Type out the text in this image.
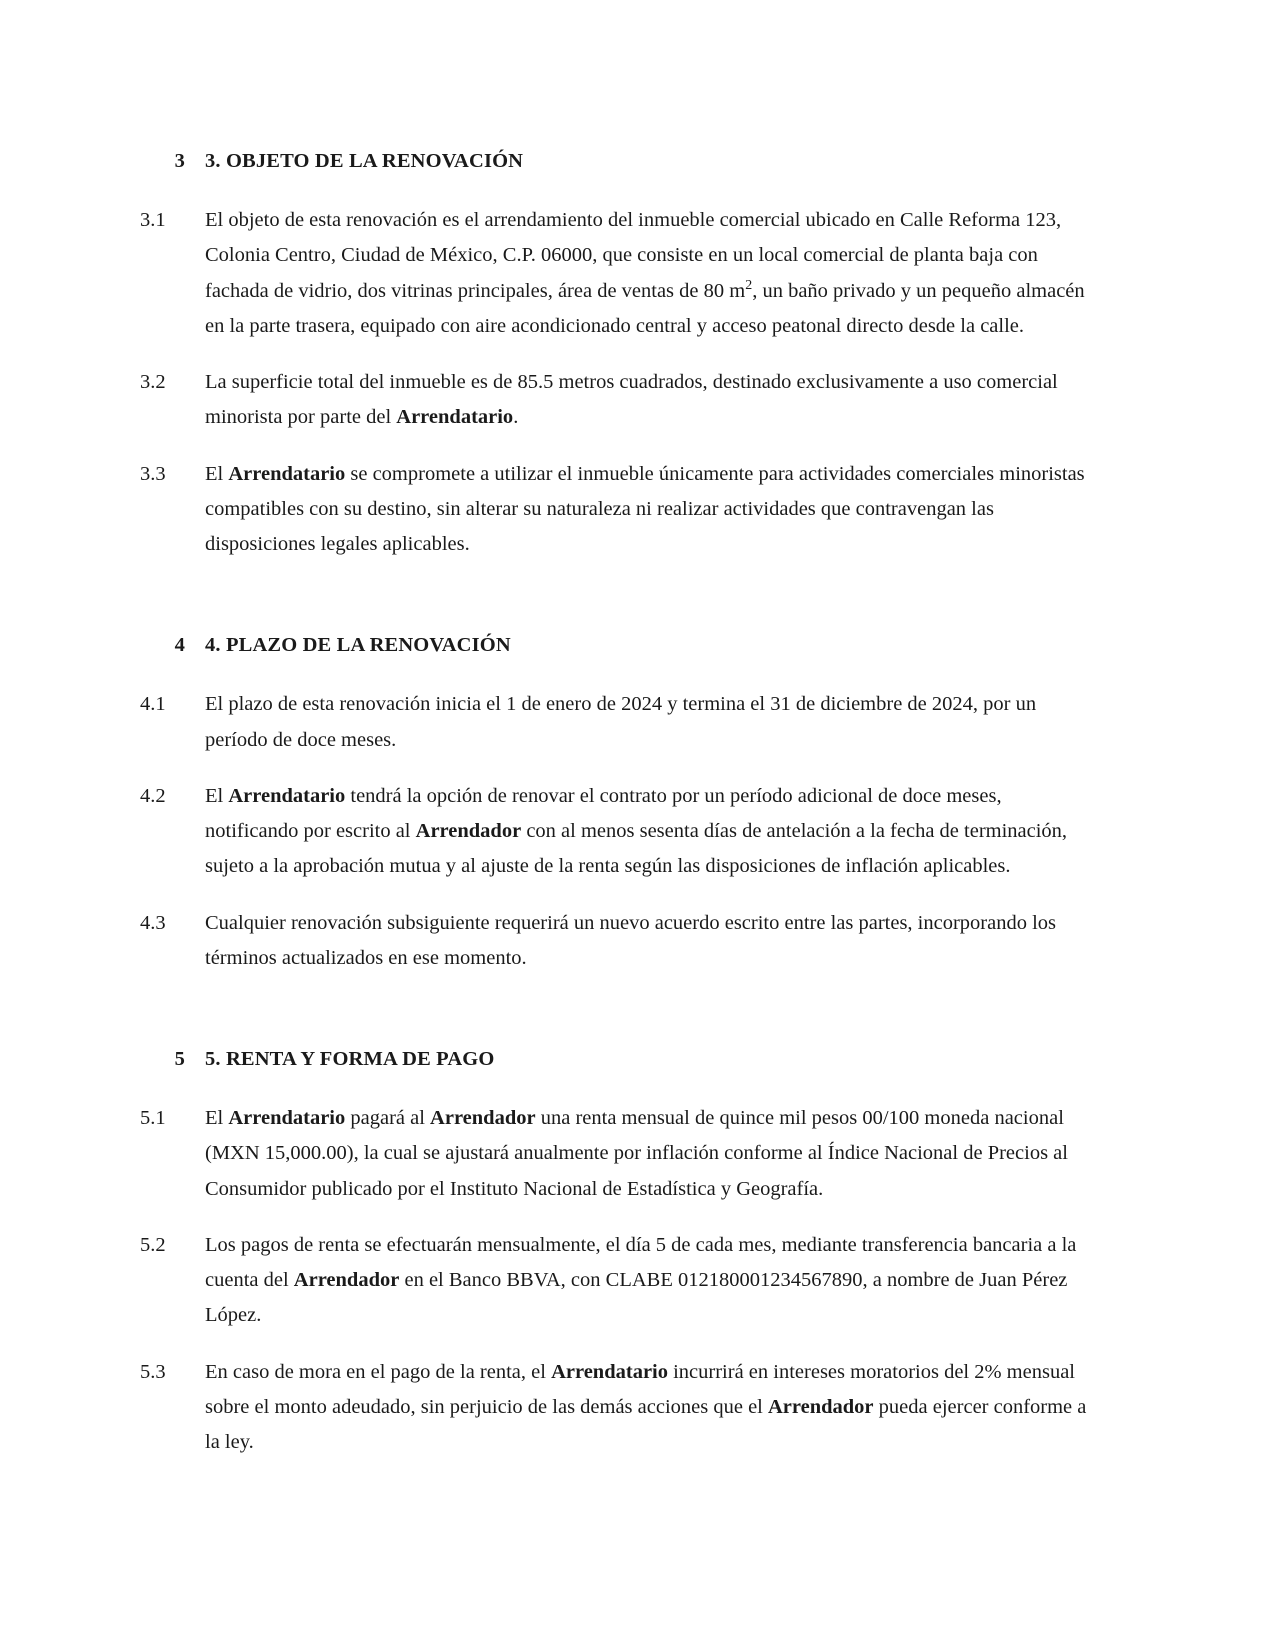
3 3. OBJETO DE LA RENOVACIÓN
3.1	El objeto de esta renovación es el arrendamiento del inmueble comercial ubicado en Calle Reforma 123, Colonia Centro, Ciudad de México, C.P. 06000, que consiste en un local comercial de planta baja con fachada de vidrio, dos vitrinas principales, área de ventas de 80 $m^2$, un baño privado y un pequeño almacén en la parte trasera, equipado con aire acondicionado central y acceso peatonal directo desde la calle.
3.2	La superficie total del inmueble es de 85.5 metros cuadrados, destinado exclusivamente a uso comercial minorista por parte del Arrendatario.
3.3	El Arrendatario se compromete a utilizar el inmueble únicamente para actividades comerciales minoristas compatibles con su destino, sin alterar su naturaleza ni realizar actividades que contravengan las disposiciones legales aplicables.
4 4. PLAZO DE LA RENOVACIÓN
4.1	El plazo de esta renovación inicia el 1 de enero de 2024 y termina el 31 de diciembre de 2024, por un período de doce meses.
4.2	El Arrendatario tendrá la opción de renovar el contrato por un período adicional de doce meses, notificando por escrito al Arrendador con al menos sesenta días de antelación a la fecha de terminación, sujeto a la aprobación mutua y al ajuste de la renta según las disposiciones de inflación aplicables.
4.3	Cualquier renovación subsiguiente requerirá un nuevo acuerdo escrito entre las partes, incorporando los términos actualizados en ese momento.
5 5. RENTA Y FORMA DE PAGO
5.1	El Arrendatario pagará al Arrendador una renta mensual de quince mil pesos 00/100 moneda nacional (MXN 15,000.00), la cual se ajustará anualmente por inflación conforme al Índice Nacional de Precios al Consumidor publicado por el Instituto Nacional de Estadística y Geografía.
5.2	Los pagos de renta se efectuarán mensualmente, el día 5 de cada mes, mediante transferencia bancaria a la cuenta del Arrendador en el Banco BBVA, con CLABE 012180001234567890, a nombre de Juan Pérez López.
5.3	En caso de mora en el pago de la renta, el Arrendatario incurrirá en intereses moratorios del 2% mensual sobre el monto adeudado, sin perjuicio de las demás acciones que el Arrendador pueda ejercer conforme a la ley.
